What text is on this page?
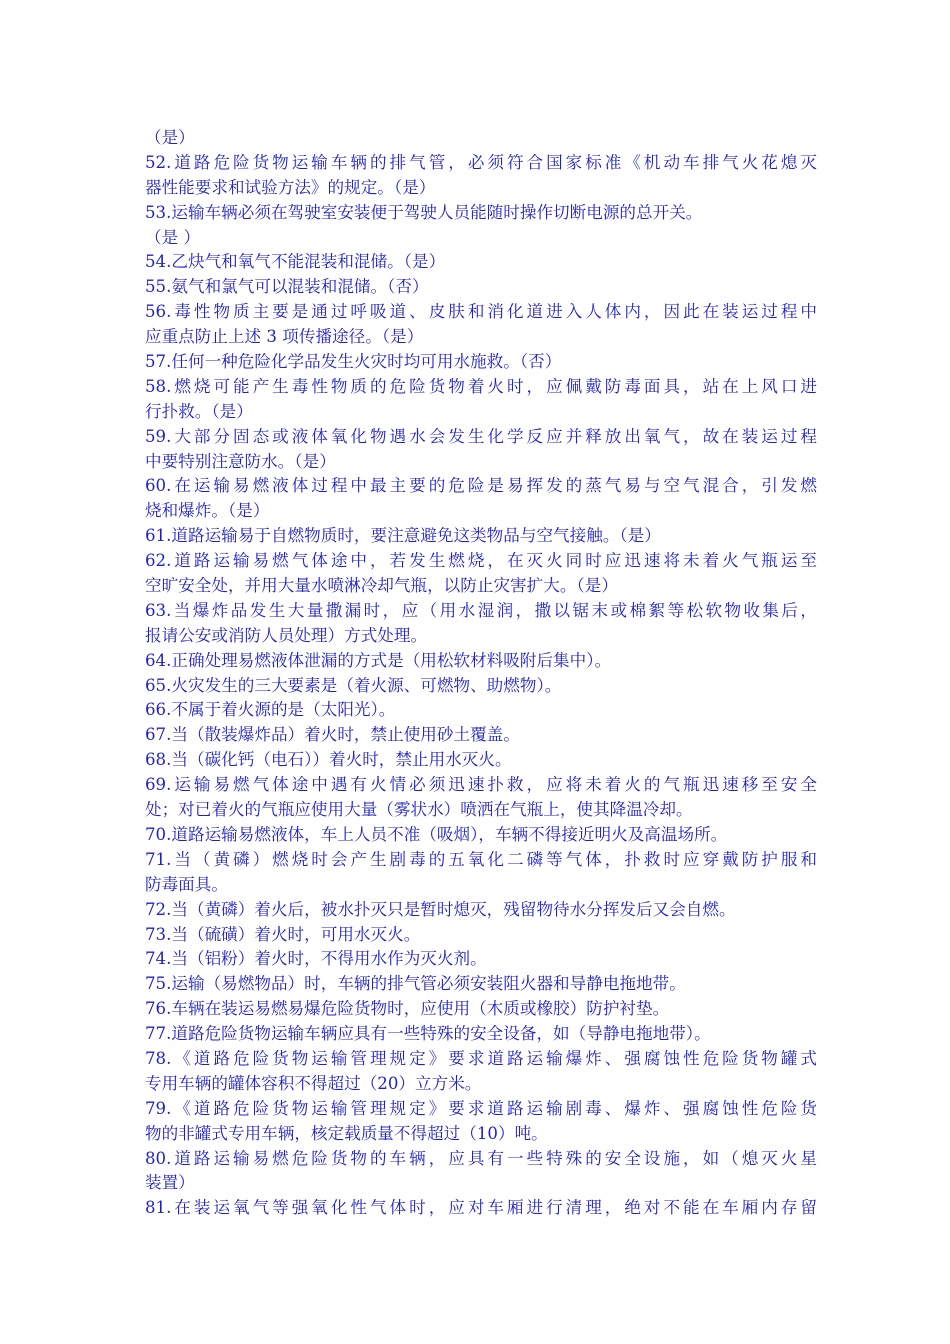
（是）
52.道路危险货物运输车辆的排气管，必须符合国家标准《机动车排气火花熄灭
器性能要求和试验方法》的规定。（是）
53.运输车辆必须在驾驶室安装便于驾驶人员能随时操作切断电源的总开关。
（是 ）
54.乙炔气和氧气不能混装和混储。（是）
55.氨气和氯气可以混装和混储。（否）
56.毒性物质主要是通过呼吸道、皮肤和消化道进入人体内，因此在装运过程中
应重点防止上述 3 项传播途径。（是）
57.任何一种危险化学品发生火灾时均可用水施救。（否）
58.燃烧可能产生毒性物质的危险货物着火时，应佩戴防毒面具，站在上风口进
行扑救。（是）
59.大部分固态或液体氧化物遇水会发生化学反应并释放出氧气，故在装运过程
中要特别注意防水。（是）
60.在运输易燃液体过程中最主要的危险是易挥发的蒸气易与空气混合，引发燃
烧和爆炸。（是）
61.道路运输易于自燃物质时，要注意避免这类物品与空气接触。（是）
62.道路运输易燃气体途中，若发生燃烧，在灭火同时应迅速将未着火气瓶运至
空旷安全处，并用大量水喷淋冷却气瓶，以防止灾害扩大。（是）
63.当爆炸品发生大量撒漏时，应（用水湿润，撒以锯末或棉絮等松软物收集后，
报请公安或消防人员处理）方式处理。
64.正确处理易燃液体泄漏的方式是（用松软材料吸附后集中）。
65.火灾发生的三大要素是（着火源、可燃物、助燃物）。
66.不属于着火源的是（太阳光）。
67.当（散装爆炸品）着火时，禁止使用砂土覆盖。
68.当（碳化钙（电石））着火时，禁止用水灭火。
69.运输易燃气体途中遇有火情必须迅速扑救，应将未着火的气瓶迅速移至安全
处；对已着火的气瓶应使用大量（雾状水）喷洒在气瓶上，使其降温冷却。
70.道路运输易燃液体，车上人员不准（吸烟），车辆不得接近明火及高温场所。
71.当（黄磷）燃烧时会产生剧毒的五氧化二磷等气体，扑救时应穿戴防护服和
防毒面具。
72.当（黄磷）着火后，被水扑灭只是暂时熄灭，残留物待水分挥发后又会自燃。
73.当（硫磺）着火时，可用水灭火。
74.当（铝粉）着火时，不得用水作为灭火剂。
75.运输（易燃物品）时，车辆的排气管必须安装阻火器和导静电拖地带。
76.车辆在装运易燃易爆危险货物时，应使用（木质或橡胶）防护衬垫。
77.道路危险货物运输车辆应具有一些特殊的安全设备，如（导静电拖地带）。
78.《道路危险货物运输管理规定》要求道路运输爆炸、强腐蚀性危险货物罐式
专用车辆的罐体容积不得超过（20）立方米。
79.《道路危险货物运输管理规定》要求道路运输剧毒、爆炸、强腐蚀性危险货
物的非罐式专用车辆，核定载质量不得超过（10）吨。
80.道路运输易燃危险货物的车辆，应具有一些特殊的安全设施，如（熄灭火星
装置）
81.在装运氧气等强氧化性气体时，应对车厢进行清理，绝对不能在车厢内存留
